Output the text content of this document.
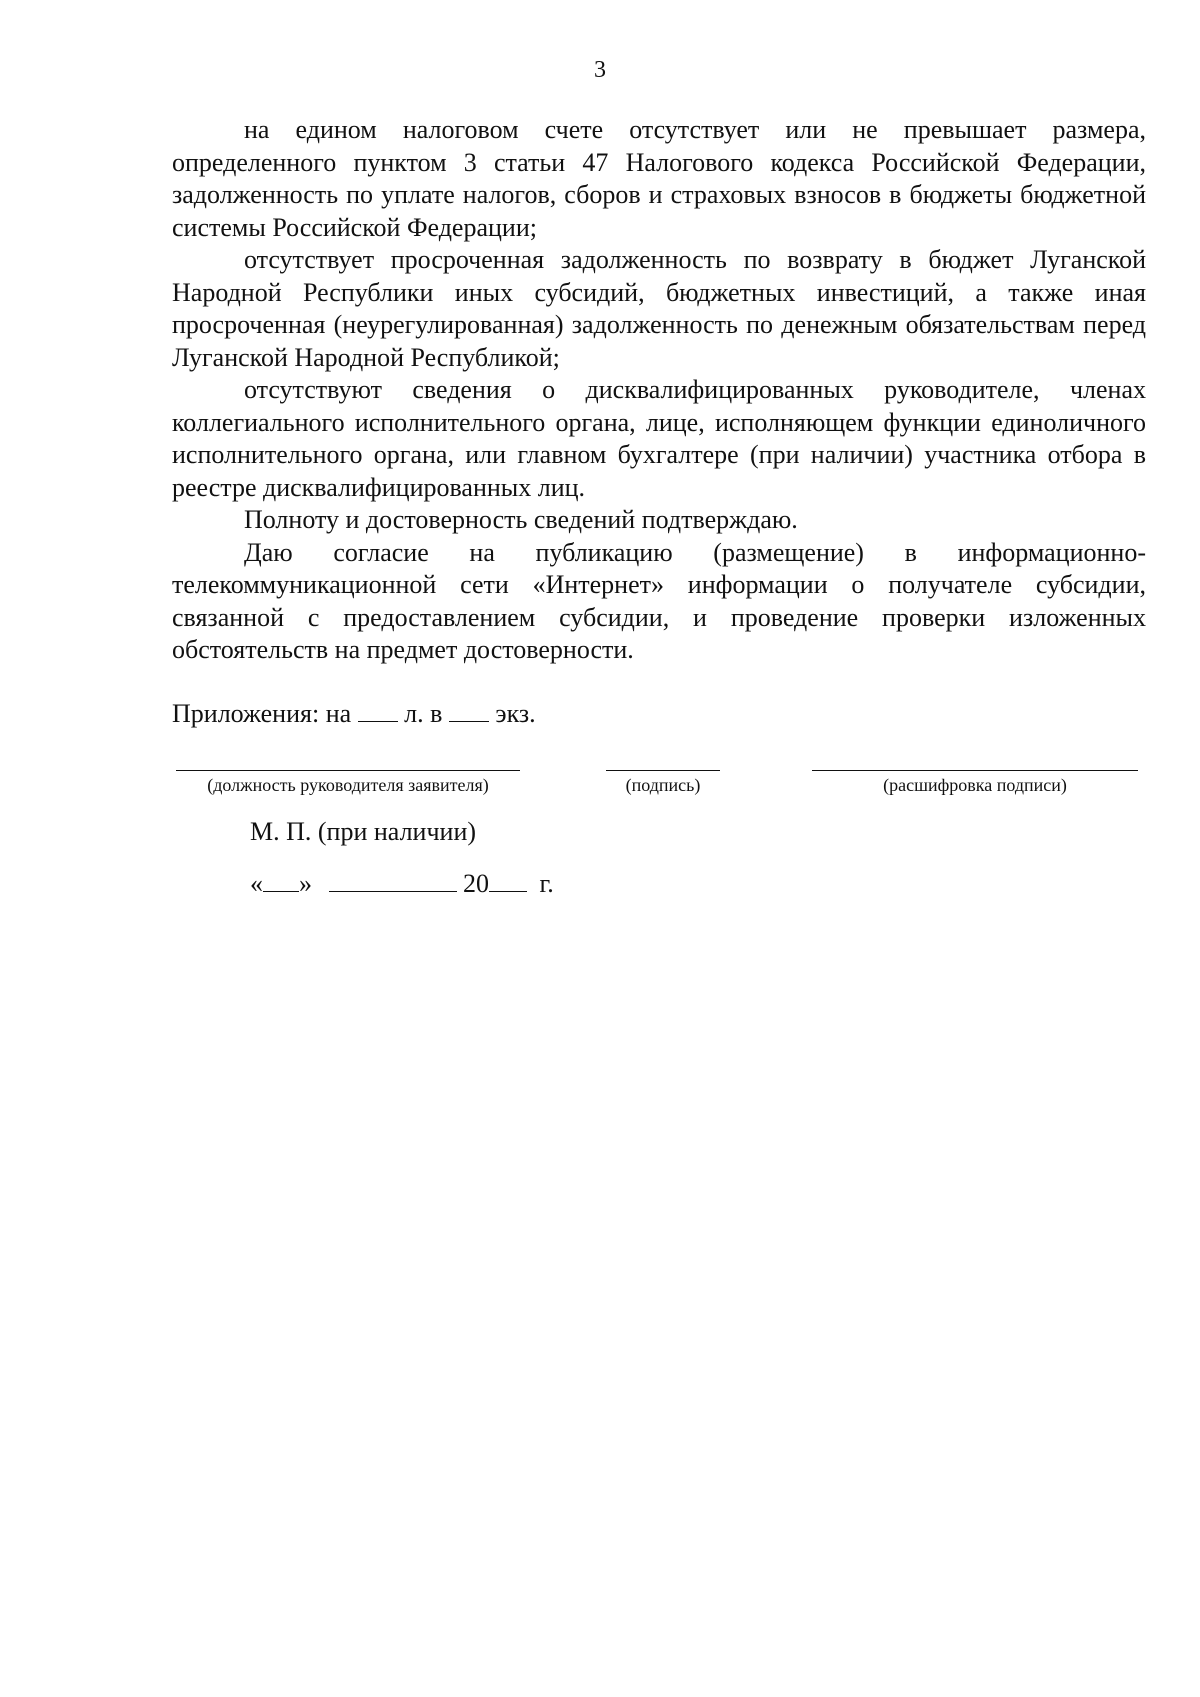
3

на едином налоговом счете отсутствует или не превышает размера, определенного пунктом 3 статьи 47 Налогового кодекса Российской Федерации, задолженность по уплате налогов, сборов и страховых взносов в бюджеты бюджетной системы Российской Федерации;

отсутствует просроченная задолженность по возврату в бюджет Луганской Народной Республики иных субсидий, бюджетных инвестиций, а также иная просроченная (неурегулированная) задолженность по денежным обязательствам перед Луганской Народной Республикой;

отсутствуют сведения о дисквалифицированных руководителе, членах коллегиального исполнительного органа, лице, исполняющем функции единоличного исполнительного органа, или главном бухгалтере (при наличии) участника отбора в реестре дисквалифицированных лиц.

Полноту и достоверность сведений подтверждаю.

Даю согласие на публикацию (размещение) в информационно-телекоммуникационной сети «Интернет» информации о получателе субсидии, связанной с предоставлением субсидии, и проведение проверки изложенных обстоятельств на предмет достоверности.

Приложения: на л. в экз.
(должность руководителя заявителя)	(подпись)	(расшифровка подписи)
М. П. (при наличии)
« »	20 г.
